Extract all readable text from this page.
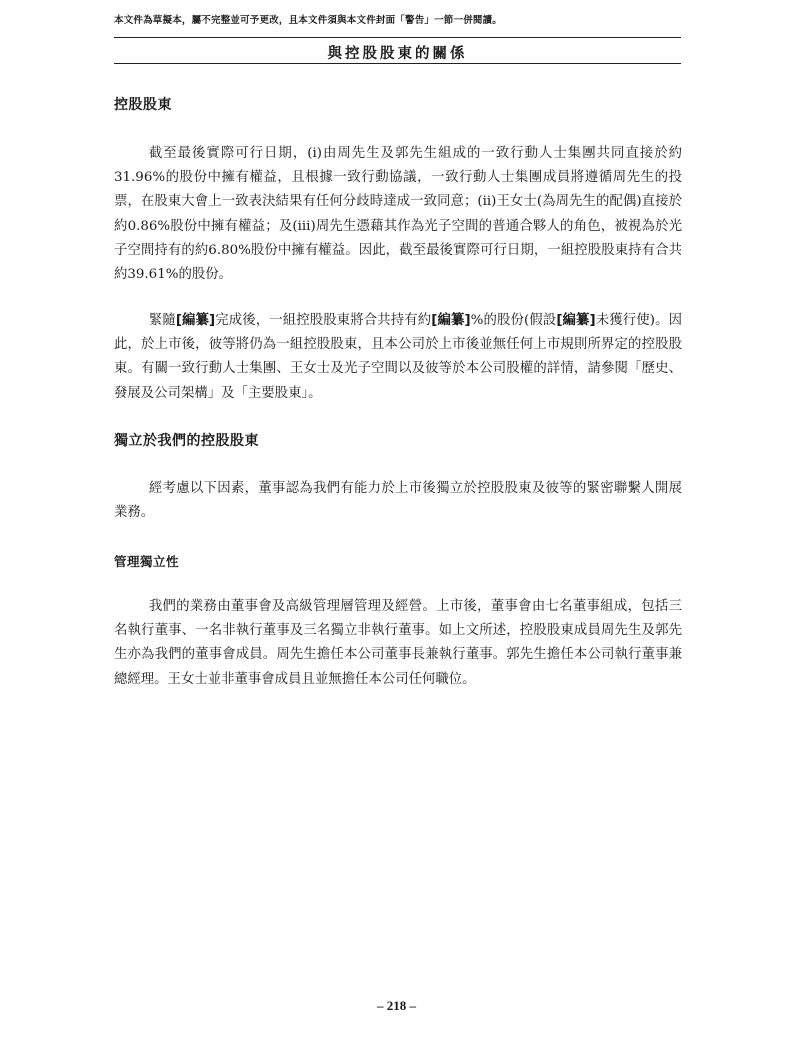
本文件為草擬本，屬不完整並可予更改，且本文件須與本文件封面「警告」一節一併閱讀。
與控股股東的關係
控股股東

截至最後實際可行日期，(i)由周先生及郭先生組成的一致行動人士集團共同直接於約31.96%的股份中擁有權益，且根據一致行動協議，一致行動人士集團成員將遵循周先生的投票，在股東大會上一致表決結果有任何分歧時達成一致同意；(ii)王女士(為周先生的配偶)直接於約0.86%股份中擁有權益；及(iii)周先生憑藉其作為光子空間的普通合夥人的角色，被視為於光子空間持有的約6.80%股份中擁有權益。因此，截至最後實際可行日期，一組控股股東持有合共約39.61%的股份。

緊隨[編纂]完成後，一組控股股東將合共持有約[編纂]%的股份(假設[編纂]未獲行使)。因此，於上市後，彼等將仍為一組控股股東，且本公司於上市後並無任何上市規則所界定的控股股東。有關一致行動人士集團、王女士及光子空間以及彼等於本公司股權的詳情，請參閱「歷史、發展及公司架構」及「主要股東」。

獨立於我們的控股股東

經考慮以下因素，董事認為我們有能力於上市後獨立於控股股東及彼等的緊密聯繫人開展業務。

管理獨立性

我們的業務由董事會及高級管理層管理及經營。上市後，董事會由七名董事組成，包括三名執行董事、一名非執行董事及三名獨立非執行董事。如上文所述，控股股東成員周先生及郭先生亦為我們的董事會成員。周先生擔任本公司董事長兼執行董事。郭先生擔任本公司執行董事兼總經理。王女士並非董事會成員且並無擔任本公司任何職位。

– 218 –
